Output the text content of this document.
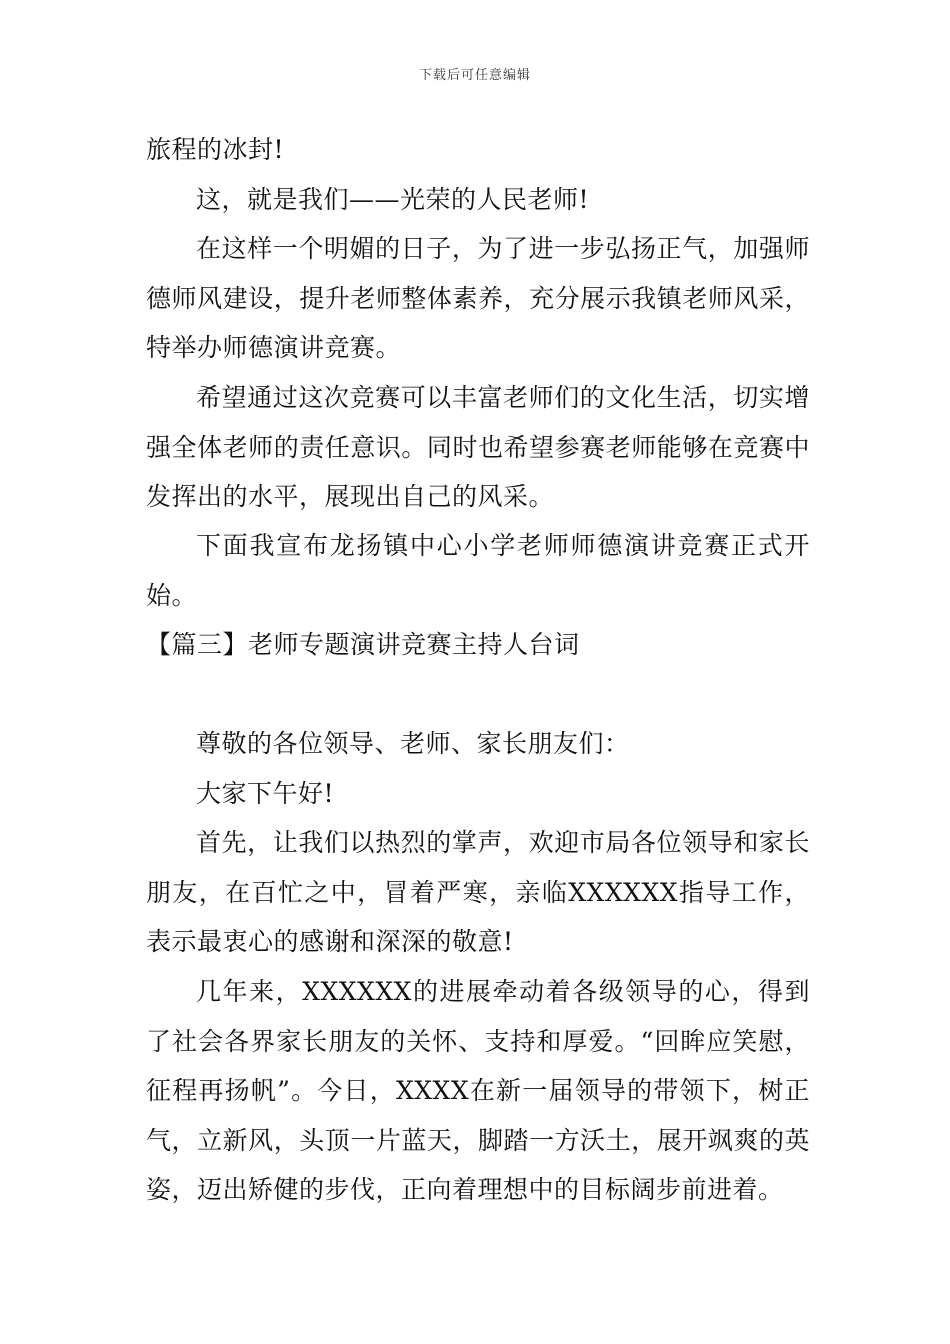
下载后可任意编辑

旅程的冰封!

这，就是我们——光荣的人民老师!

在这样一个明媚的日子，为了进一步弘扬正气，加强师德师风建设，提升老师整体素养，充分展示我镇老师风采，特举办师德演讲竞赛。

希望通过这次竞赛可以丰富老师们的文化生活，切实增强全体老师的责任意识。同时也希望参赛老师能够在竞赛中发挥出的水平，展现出自己的风采。

下面我宣布龙扬镇中心小学老师师德演讲竞赛正式开始。

【篇三】老师专题演讲竞赛主持人台词

尊敬的各位领导、老师、家长朋友们：

大家下午好!

首先，让我们以热烈的掌声，欢迎市局各位领导和家长朋友，在百忙之中，冒着严寒，亲临XXXXXX指导工作，表示最衷心的感谢和深深的敬意!

几年来，XXXXXX的进展牵动着各级领导的心，得到了社会各界家长朋友的关怀、支持和厚爱。“回眸应笑慰，征程再扬帆”。今日，XXXX在新一届领导的带领下，树正气，立新风，头顶一片蓝天，脚踏一方沃土，展开飒爽的英姿，迈出矫健的步伐，正向着理想中的目标阔步前进着。
